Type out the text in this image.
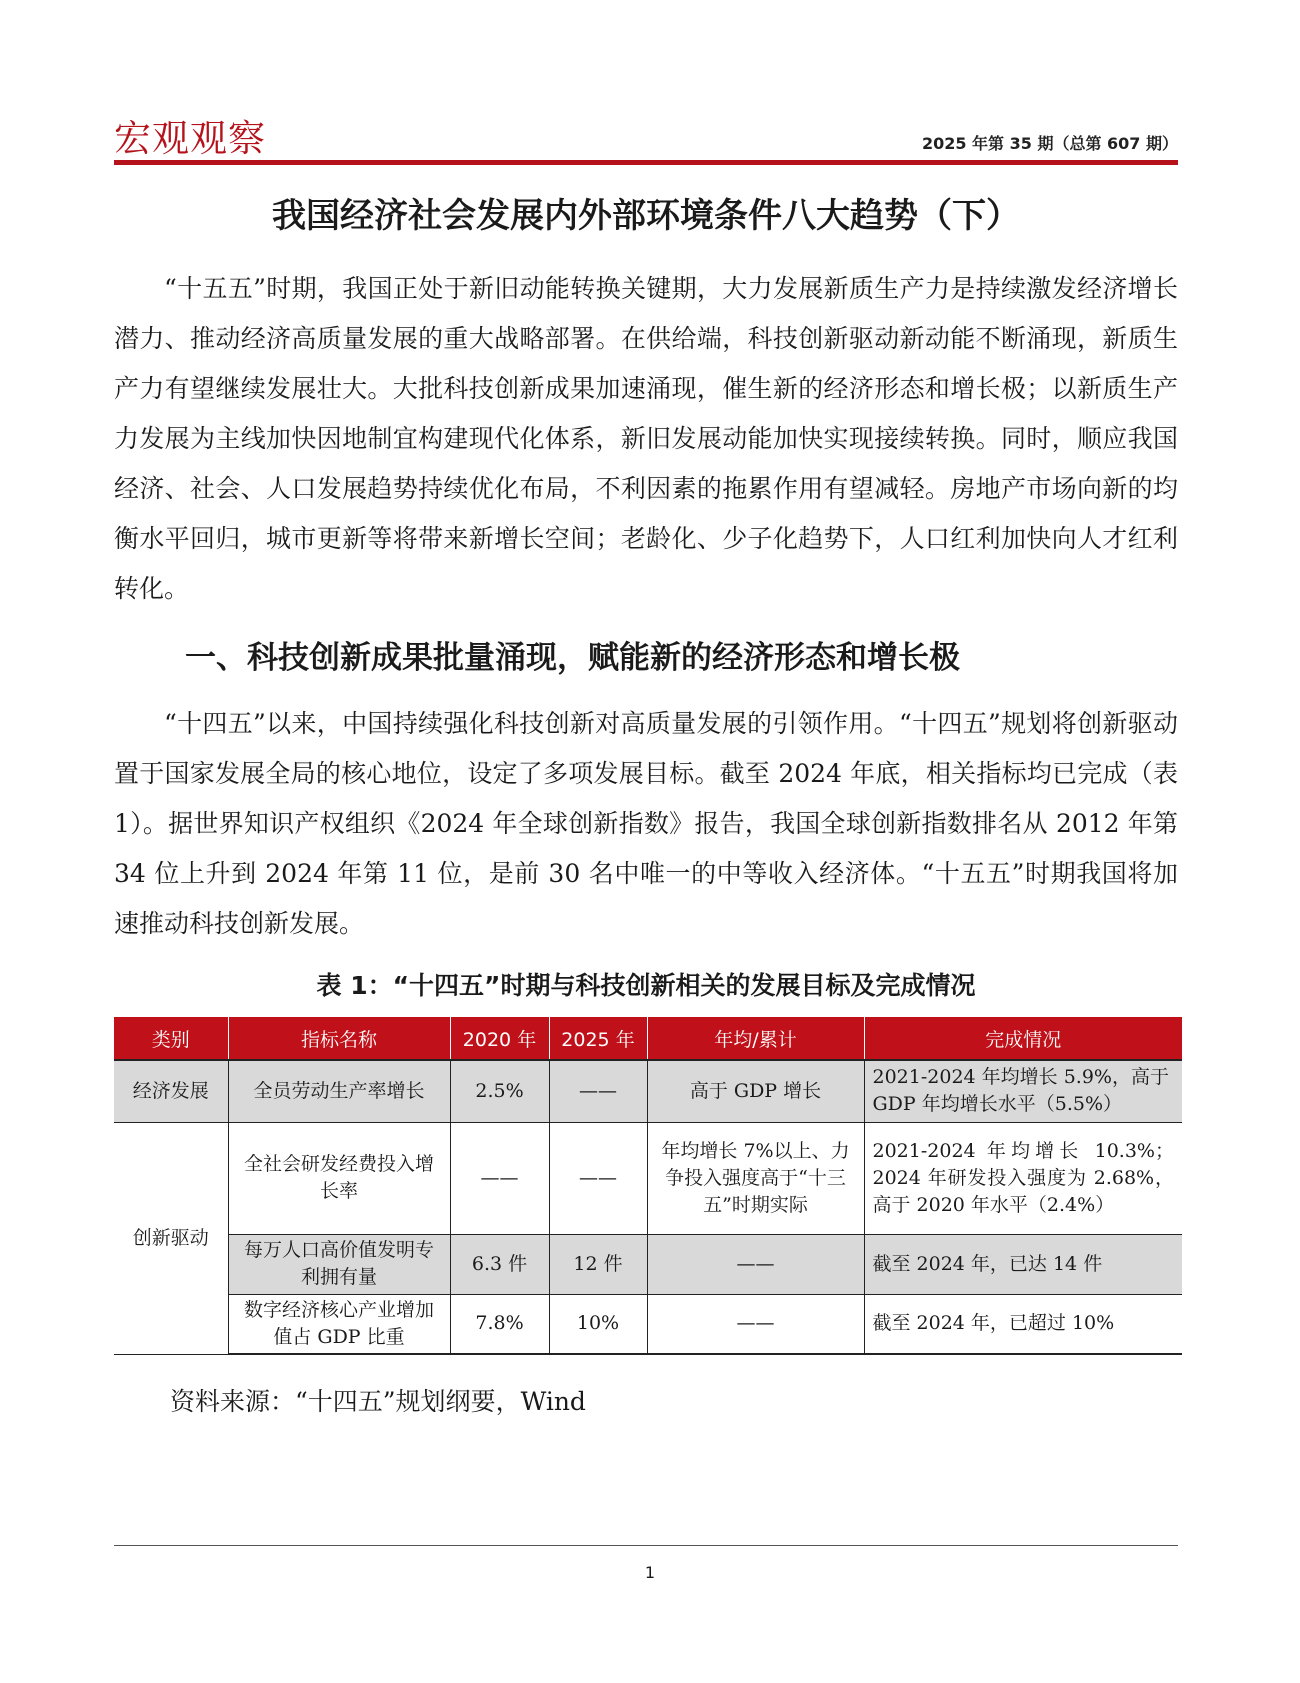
宏观观察	2025 年第 35 期（总第 607 期）
我国经济社会发展内外部环境条件八大趋势（下）

“十五五”时期，我国正处于新旧动能转换关键期，大力发展新质生产力是持续激发经济增长潜力、推动经济高质量发展的重大战略部署。在供给端，科技创新驱动新动能不断涌现，新质生产力有望继续发展壮大。大批科技创新成果加速涌现，催生新的经济形态和增长极；以新质生产力发展为主线加快因地制宜构建现代化体系，新旧发展动能加快实现接续转换。同时，顺应我国经济、社会、人口发展趋势持续优化布局，不利因素的拖累作用有望减轻。房地产市场向新的均衡水平回归，城市更新等将带来新增长空间；老龄化、少子化趋势下，人口红利加快向人才红利转化。

一、科技创新成果批量涌现，赋能新的经济形态和增长极

“十四五”以来，中国持续强化科技创新对高质量发展的引领作用。“十四五”规划将创新驱动置于国家发展全局的核心地位，设定了多项发展目标。截至 2024 年底，相关指标均已完成（表 1）。据世界知识产权组织《2024 年全球创新指数》报告，我国全球创新指数排名从 2012 年第 34 位上升到 2024 年第 11 位，是前 30 名中唯一的中等收入经济体。“十五五”时期我国将加速推动科技创新发展。

表 1：“十四五”时期与科技创新相关的发展目标及完成情况
类别	指标名称	2020 年	2025 年	年均/累计	完成情况
经济发展	全员劳动生产率增长	2.5%	——	高于 GDP 增长	2021-2024 年均增长 5.9%，高于 GDP 年均增长水平（5.5%）
创新驱动	全社会研发经费投入增长率	——	——	年均增长 7%以上、力争投入强度高于“十三五”时期实际	2021-2024 年均增长 10.3%；2024 年研发投入强度为 2.68%，高于 2020 年水平（2.4%）
	每万人口高价值发明专利拥有量	6.3 件	12 件	——	截至 2024 年，已达 14 件
	数字经济核心产业增加值占 GDP 比重	7.8%	10%	——	截至 2024 年，已超过 10%
资料来源：“十四五”规划纲要，Wind
1
